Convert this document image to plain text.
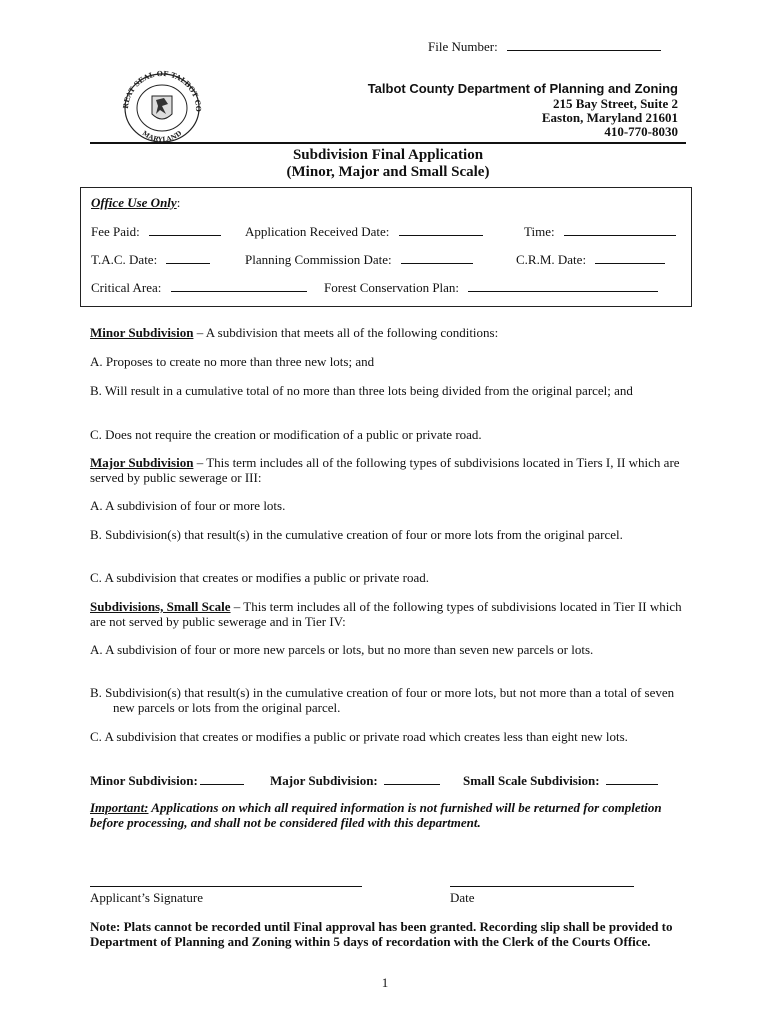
File Number:
REAT SEAL OF TALBOT CO
MARYLAND
Talbot County Department of Planning and Zoning
215 Bay Street, Suite 2
Easton, Maryland 21601
410-770-8030
Subdivision Final Application
(Minor, Major and Small Scale)
Office Use Only:
Fee Paid:	Application Received Date:	Time:
T.A.C. Date:	Planning Commission Date:	C.R.M. Date:
Critical Area:	Forest Conservation Plan:
Minor Subdivision – A subdivision that meets all of the following conditions:
A. Proposes to create no more than three new lots; and
B. Will result in a cumulative total of no more than three lots being divided from the original parcel; and
C. Does not require the creation or modification of a public or private road.
Major Subdivision – This term includes all of the following types of subdivisions located in Tiers I, II which are served by public sewerage or III:
A. A subdivision of four or more lots.
B. Subdivision(s) that result(s) in the cumulative creation of four or more lots from the original parcel.
C. A subdivision that creates or modifies a public or private road.
Subdivisions, Small Scale – This term includes all of the following types of subdivisions located in Tier II which are not served by public sewerage and in Tier IV:
A. A subdivision of four or more new parcels or lots, but no more than seven new parcels or lots.
B. Subdivision(s) that result(s) in the cumulative creation of four or more lots, but not more than a total of seven new parcels or lots from the original parcel.
C. A subdivision that creates or modifies a public or private road which creates less than eight new lots.
Minor Subdivision:	Major Subdivision:	Small Scale Subdivision:
Important: Applications on which all required information is not furnished will be returned for completion before processing, and shall not be considered filed with this department.
Applicant’s Signature	Date
Note: Plats cannot be recorded until Final approval has been granted. Recording slip shall be provided to Department of Planning and Zoning within 5 days of recordation with the Clerk of the Courts Office.
1
